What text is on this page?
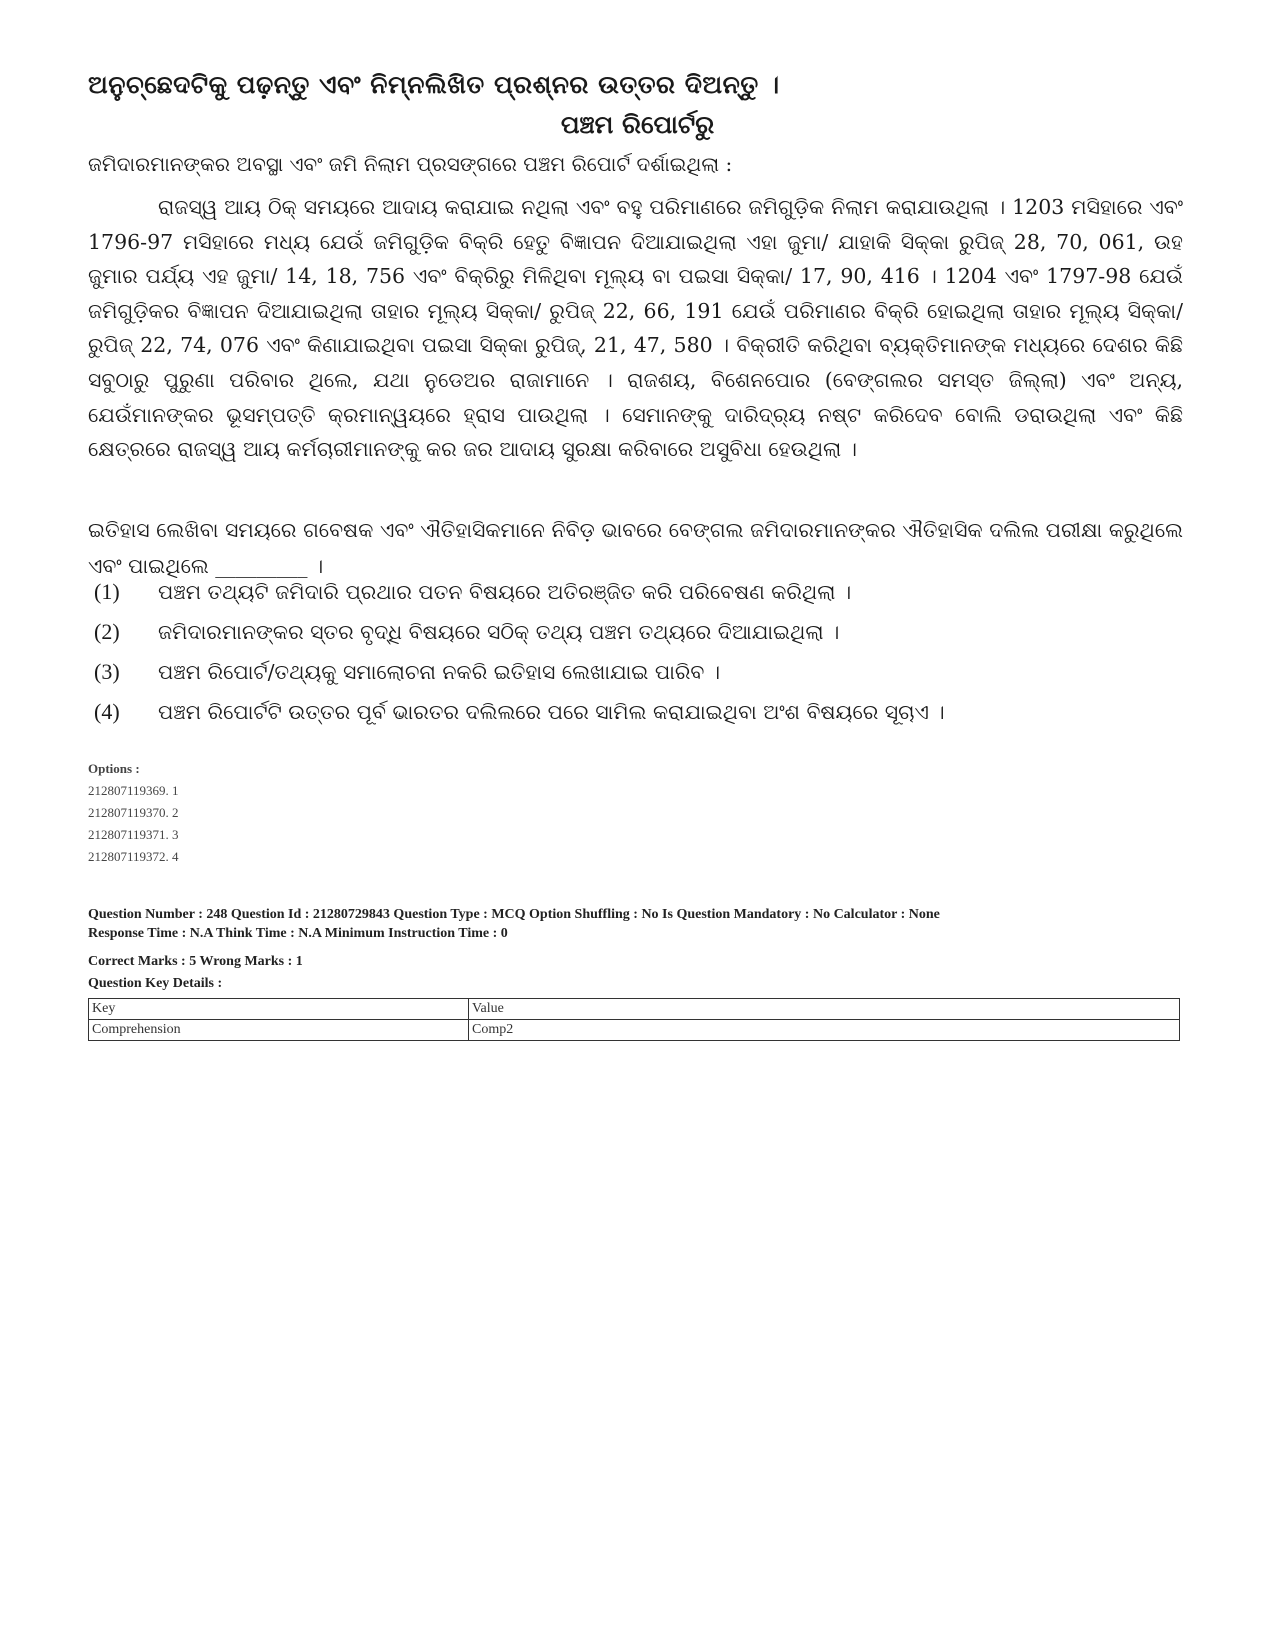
ଅନୁଚ୍ଛେଦଟିକୁ ପଢ଼ନ୍ତୁ ଏବଂ ନିମ୍ନଲିଖିତ ପ୍ରଶ୍ନର ଉତ୍ତର ଦିଅନ୍ତୁ ।
ପଞ୍ଚମ ରିପୋର୍ଟରୁ
ଜମିଦାରମାନଙ୍କର ଅବସ୍ଥା ଏବଂ ଜମି ନିଲାମ ପ୍ରସଙ୍ଗରେ ପଞ୍ଚମ ରିପୋର୍ଟ ଦର୍ଶାଇଥିଲା :

ରାଜସ୍ୱ ଆୟ ଠିକ୍ ସମୟରେ ଆଦାୟ କରାଯାଇ ନଥିଲା ଏବଂ ବହୁ ପରିମାଣରେ ଜମିଗୁଡ଼ିକ ନିଲାମ କରାଯାଉଥିଲା । 1203 ମସିହାରେ ଏବଂ 1796-97 ମସିହାରେ ମଧ୍ୟ ଯେଉଁ ଜମିଗୁଡ଼ିକ ବିକ୍ରି ହେତୁ ବିଜ୍ଞାପନ ଦିଆଯାଇଥିଲା ଏହା ଜୁମା/ ଯାହାକି ସିକ୍କା ରୁପିଜ୍ 28, 70, 061, ଉହ ଜୁମାର ପର୍ଯ୍ୟ ଏହ ଜୁମା/ 14, 18, 756 ଏବଂ ବିକ୍ରିରୁ ମିଳିଥିବା ମୂଲ୍ୟ ବା ପଇସା ସିକ୍କା/ 17, 90, 416 । 1204 ଏବଂ 1797-98 ଯେଉଁ ଜମିଗୁଡ଼ିକର ବିଜ୍ଞାପନ ଦିଆଯାଇଥିଲା ତାହାର ମୂଲ୍ୟ ସିକ୍କା/ ରୁପିଜ୍ 22, 66, 191 ଯେଉଁ ପରିମାଣର ବିକ୍ରି ହୋଇଥିଲା ତାହାର ମୂଲ୍ୟ ସିକ୍କା/ ରୁପିଜ୍ 22, 74, 076 ଏବଂ କିଣାଯାଇଥିବା ପଇସା ସିକ୍କା ରୁପିଜ୍, 21, 47, 580 । ବିକ୍ରୀତି କରିଥିବା ବ୍ୟକ୍ତିମାନଙ୍କ ମଧ୍ୟରେ ଦେଶର କିଛି ସବୁଠାରୁ ପୁରୁଣା ପରିବାର ଥିଲେ, ଯଥା ନୁଡେଅର ରାଜାମାନେ । ରାଜଶୟ, ବିଶେନପୋର (ବେଙ୍ଗଲର ସମସ୍ତ ଜିଲ୍ଲା) ଏବଂ ଅନ୍ୟ, ଯେଉଁମାନଙ୍କର ଭୂସମ୍ପତ୍ତି କ୍ରମାନ୍ୱୟରେ ହ୍ରାସ ପାଉଥିଲା । ସେମାନଙ୍କୁ ଦାରିଦ୍ର୍ୟ ନଷ୍ଟ କରିଦେବ ବୋଲି ଡରାଉଥିଲା ଏବଂ କିଛି କ୍ଷେତ୍ରରେ ରାଜସ୍ୱ ଆୟ କର୍ମଚାରୀମାନଙ୍କୁ କର ଜର ଆଦାୟ ସୁରକ୍ଷା କରିବାରେ ଅସୁବିଧା ହେଉଥିଲା ।

ଇତିହାସ ଲେଖିବା ସମୟରେ ଗବେଷକ ଏବଂ ଐତିହାସିକମାନେ ନିବିଡ଼ ଭାବରେ ବେଙ୍ଗଲ ଜମିଦାରମାନଙ୍କର ଐତିହାସିକ ଦଲିଲ ପରୀକ୍ଷା କରୁଥିଲେ ଏବଂ ପାଇଥିଲେ _________ ।

(1) ପଞ୍ଚମ ତଥ୍ୟଟି ଜମିଦାରି ପ୍ରଥାର ପତନ ବିଷୟରେ ଅତିରଞ୍ଜିତ କରି ପରିବେଷଣ କରିଥିଲା ।
(2) ଜମିଦାରମାନଙ୍କର ସ୍ତର ବୃଦ୍ଧି ବିଷୟରେ ସଠିକ୍ ତଥ୍ୟ ପଞ୍ଚମ ତଥ୍ୟରେ ଦିଆଯାଇଥିଲା ।
(3) ପଞ୍ଚମ ରିପୋର୍ଟ/ତଥ୍ୟକୁ ସମାଲୋଚନା ନକରି ଇତିହାସ ଲେଖାଯାଇ ପାରିବ ।
(4) ପଞ୍ଚମ ରିପୋର୍ଟଟି ଉତ୍ତର ପୂର୍ବ ଭାରତର ଦଲିଲରେ ପରେ ସାମିଲ କରାଯାଇଥିବା ଅଂଶ ବିଷୟରେ ସୂଚାଏ ।
Options :
212807119369. 1
212807119370. 2
212807119371. 3
212807119372. 4
Question Number : 248 Question Id : 21280729843 Question Type : MCQ Option Shuffling : No Is Question Mandatory : No Calculator : None
Response Time : N.A Think Time : N.A Minimum Instruction Time : 0
Correct Marks : 5 Wrong Marks : 1
Question Key Details :
Key	Value
Comprehension	Comp2
